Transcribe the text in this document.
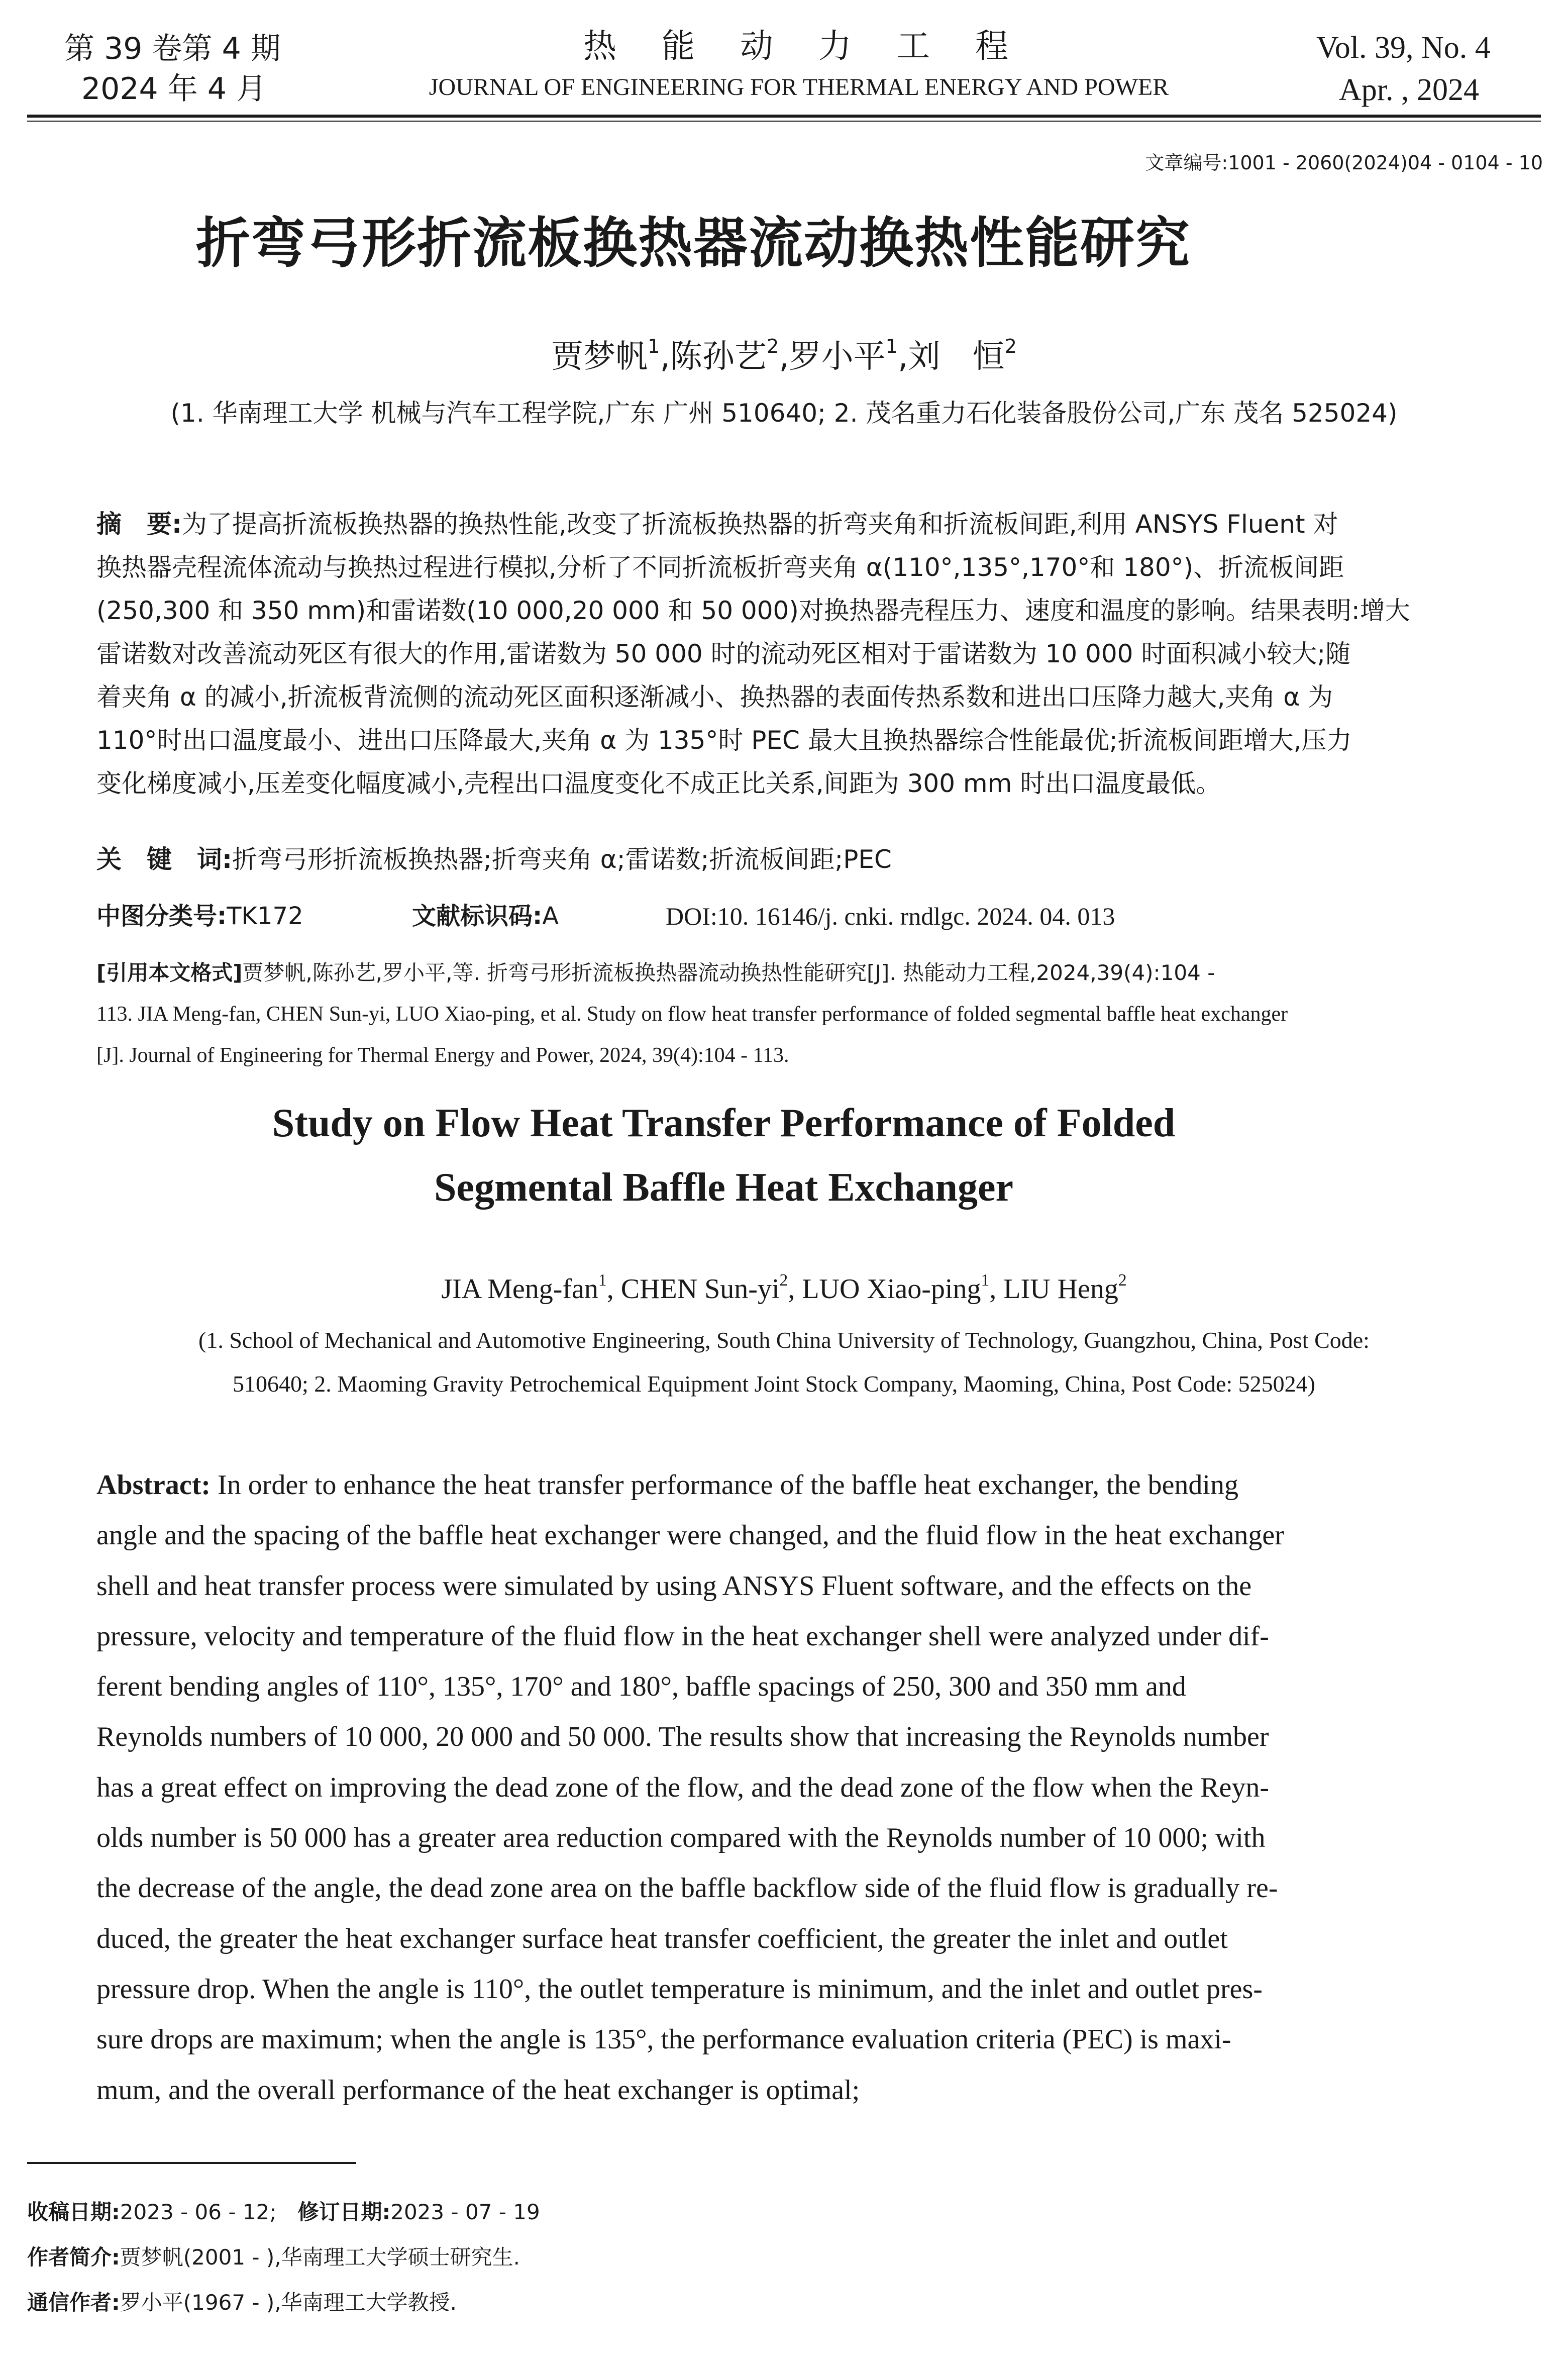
第 39 卷第 4 期
2024 年 4 月
热　能　动　力　工　程
JOURNAL OF ENGINEERING FOR THERMAL ENERGY AND POWER
Vol. 39, No. 4
Apr. , 2024
文章编号:1001 - 2060(2024)04 - 0104 - 10
折弯弓形折流板换热器流动换热性能研究
贾梦帆$^1$,陈孙艺$^2$,罗小平$^1$,刘　恒$^2$
(1. 华南理工大学 机械与汽车工程学院,广东 广州 510640; 2. 茂名重力石化装备股份公司,广东 茂名 525024)
摘　要:为了提高折流板换热器的换热性能,改变了折流板换热器的折弯夹角和折流板间距,利用 ANSYS Fluent 对
换热器壳程流体流动与换热过程进行模拟,分析了不同折流板折弯夹角 α(110°,135°,170°和 180°)、折流板间距
(250,300 和 350 mm)和雷诺数(10 000,20 000 和 50 000)对换热器壳程压力、速度和温度的影响。结果表明:增大
雷诺数对改善流动死区有很大的作用,雷诺数为 50 000 时的流动死区相对于雷诺数为 10 000 时面积减小较大;随
着夹角 α 的减小,折流板背流侧的流动死区面积逐渐减小、换热器的表面传热系数和进出口压降力越大,夹角 α 为
110°时出口温度最小、进出口压降最大,夹角 α 为 135°时 PEC 最大且换热器综合性能最优;折流板间距增大,压力
变化梯度减小,压差变化幅度减小,壳程出口温度变化不成正比关系,间距为 300 mm 时出口温度最低。
关　键　词:折弯弓形折流板换热器;折弯夹角 α;雷诺数;折流板间距;PEC
中图分类号:TK172	文献标识码:A	DOI:10. 16146/j. cnki. rndlgc. 2024. 04. 013
[引用本文格式]贾梦帆,陈孙艺,罗小平,等. 折弯弓形折流板换热器流动换热性能研究[J]. 热能动力工程,2024,39(4):104 -
113. JIA Meng-fan, CHEN Sun-yi, LUO Xiao-ping, et al. Study on flow heat transfer performance of folded segmental baffle heat exchanger
[J]. Journal of Engineering for Thermal Energy and Power, 2024, 39(4):104 - 113.
Study on Flow Heat Transfer Performance of Folded
Segmental Baffle Heat Exchanger
JIA Meng-fan$^1$, CHEN Sun-$yi^2$, LUO Xiao-ping$^1$, LIU Heng$^2$
(1. School of Mechanical and Automotive Engineering, South China University of Technology, Guangzhou, China, Post Code:
510640; 2. Maoming Gravity Petrochemical Equipment Joint Stock Company, Maoming, China, Post Code: 525024)
Abstract: In order to enhance the heat transfer performance of the baffle heat exchanger, the bending
angle and the spacing of the baffle heat exchanger were changed, and the fluid flow in the heat exchanger
shell and heat transfer process were simulated by using ANSYS Fluent software, and the effects on the
pressure, velocity and temperature of the fluid flow in the heat exchanger shell were analyzed under dif-
ferent bending angles of 110°, 135°, 170° and 180°, baffle spacings of 250, 300 and 350 mm and
Reynolds numbers of 10 000, 20 000 and 50 000. The results show that increasing the Reynolds number
has a great effect on improving the dead zone of the flow, and the dead zone of the flow when the Reyn-
olds number is 50 000 has a greater area reduction compared with the Reynolds number of 10 000; with
the decrease of the angle, the dead zone area on the baffle backflow side of the fluid flow is gradually re-
duced, the greater the heat exchanger surface heat transfer coefficient, the greater the inlet and outlet
pressure drop. When the angle is 110°, the outlet temperature is minimum, and the inlet and outlet pres-
sure drops are maximum; when the angle is 135°, the performance evaluation criteria (PEC) is maxi-
mum, and the overall performance of the heat exchanger is optimal;
收稿日期:2023 - 06 - 12;　修订日期:2023 - 07 - 19
作者简介:贾梦帆(2001 - ),华南理工大学硕士研究生.
通信作者:罗小平(1967 - ),华南理工大学教授.
